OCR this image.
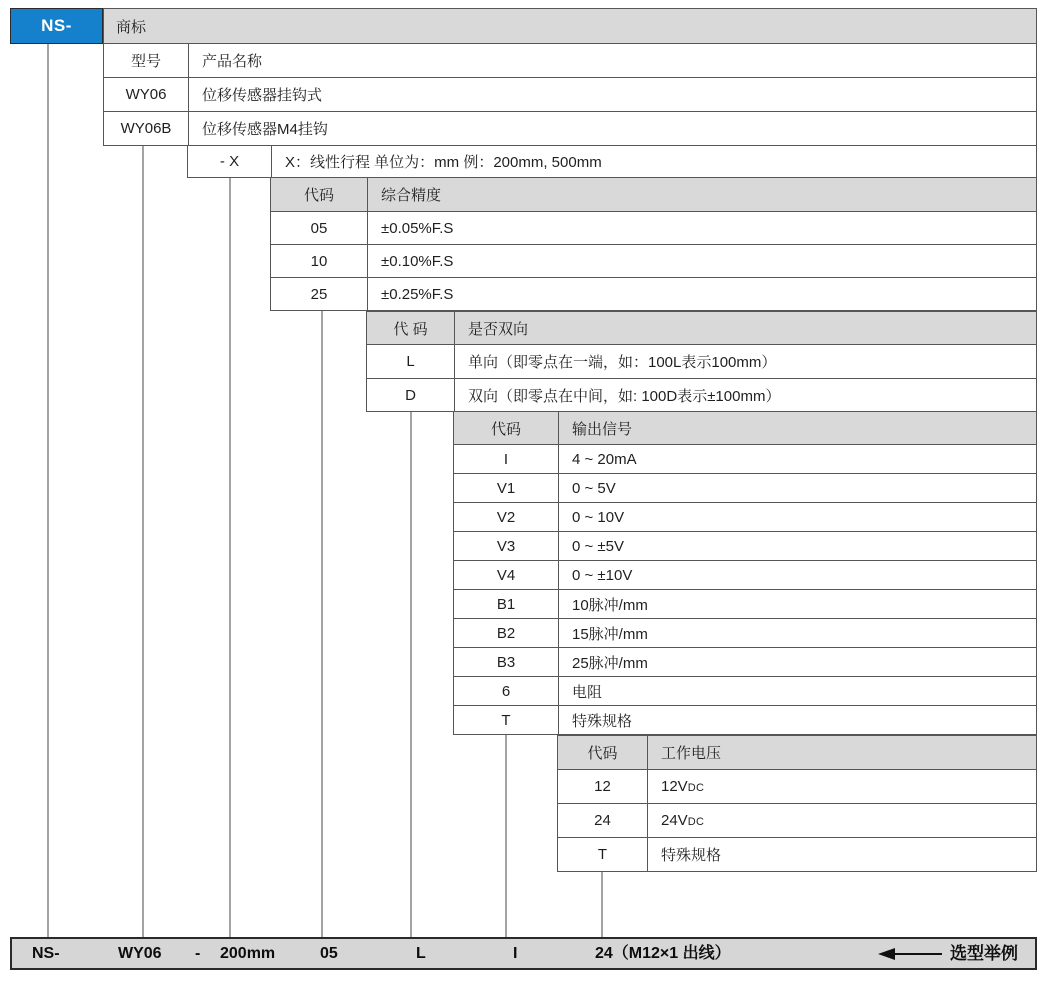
NS-	商标
型号	产品名称
WY06	位移传感器挂钩式
WY06B	位移传感器M4挂钩
- X	X：线性行程 单位为：mm 例：200mm, 500mm
代码	综合精度
05	±0.05%F.S
10	±0.10%F.S
25	±0.25%F.S
代 码	是否双向
L	单向（即零点在一端，如：100L表示100mm）
D	双向（即零点在中间，如: 100D表示±100mm）
代码	输出信号
I	4 ~ 20mA
V1	0 ~ 5V
V2	0 ~ 10V
V3	0 ~ ±5V
V4	0 ~ ±10V
B1	10脉冲/mm
B2	15脉冲/mm
B3	25脉冲/mm
6	电阻
T	特殊规格
代码	工作电压
12	12V DC
24	24V DC
T	特殊规格
NS-	WY06 - 200mm	05	L	I	24（M12×1 出线）	选型举例
